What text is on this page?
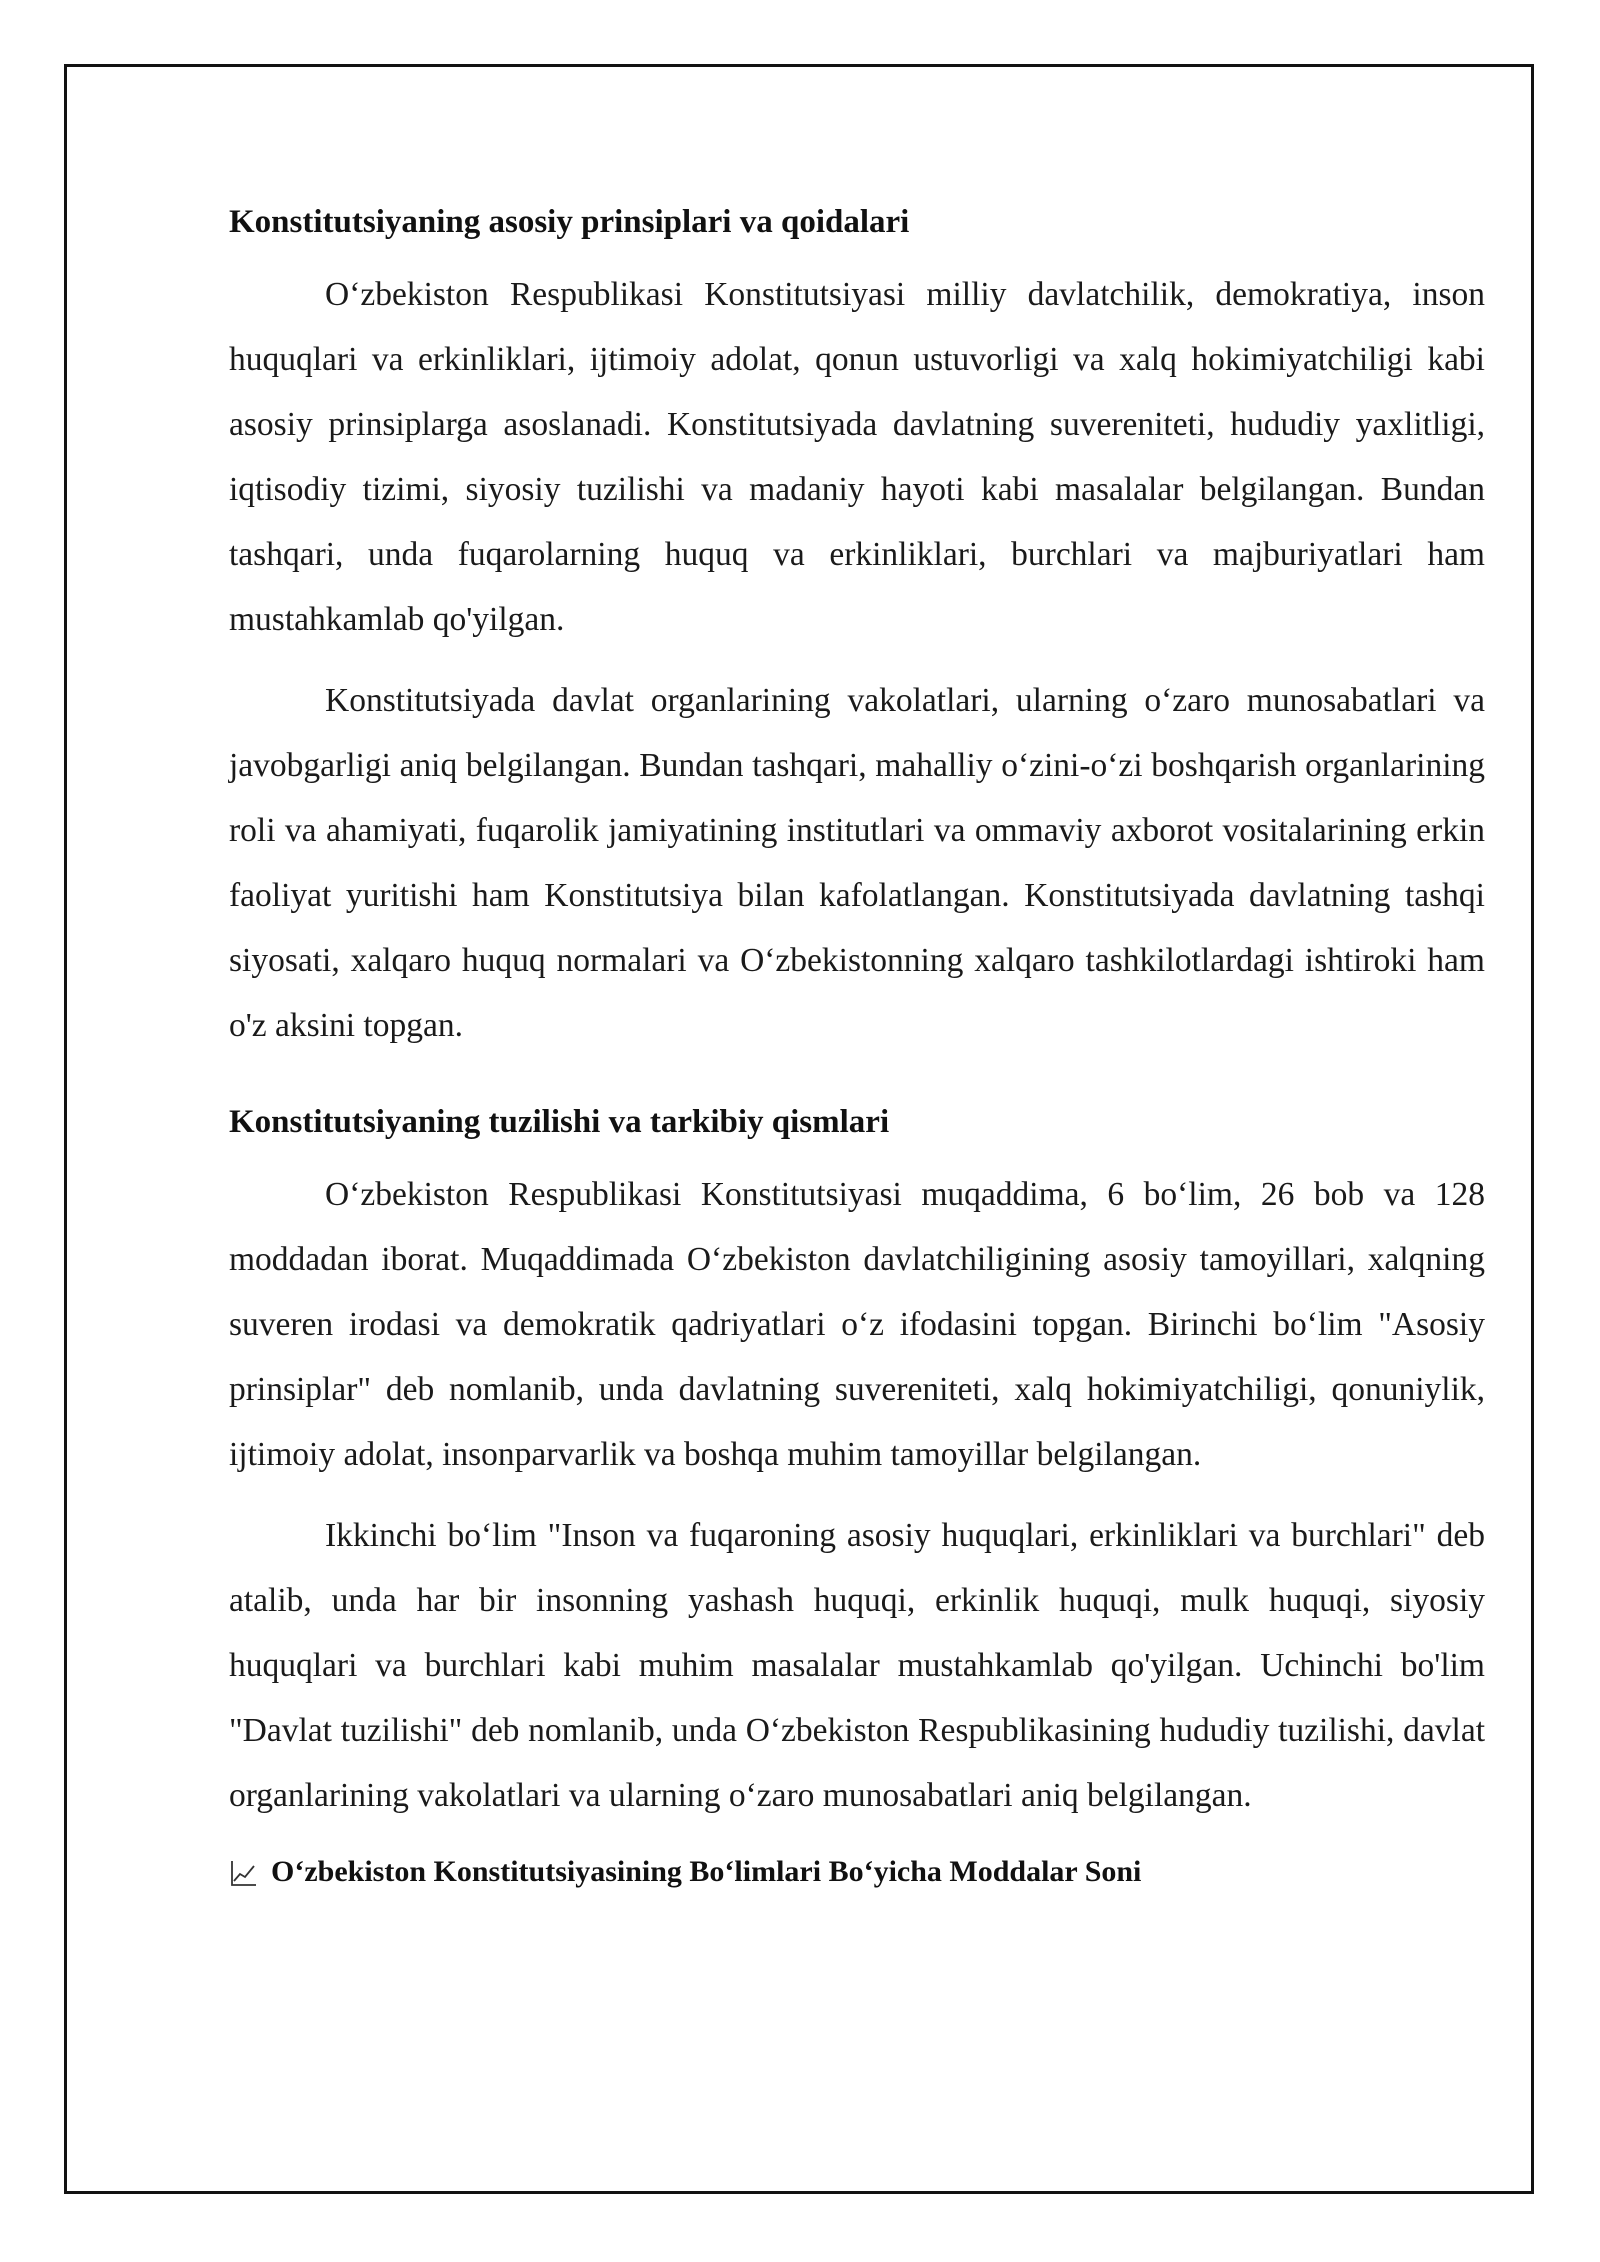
Konstitutsiyaning asosiy prinsiplari va qoidalari

O‘zbekiston Respublikasi Konstitutsiyasi milliy davlatchilik, demokratiya, inson huquqlari va erkinliklari, ijtimoiy adolat, qonun ustuvorligi va xalq hokimiyatchiligi kabi asosiy prinsiplarga asoslanadi. Konstitutsiyada davlatning suvereniteti, hududiy yaxlitligi, iqtisodiy tizimi, siyosiy tuzilishi va madaniy hayoti kabi masalalar belgilangan. Bundan tashqari, unda fuqarolarning huquq va erkinliklari, burchlari va majburiyatlari ham mustahkamlab qo'yilgan.

Konstitutsiyada davlat organlarining vakolatlari, ularning o‘zaro munosabatlari va javobgarligi aniq belgilangan. Bundan tashqari, mahalliy o‘zini-o‘zi boshqarish organlarining roli va ahamiyati, fuqarolik jamiyatining institutlari va ommaviy axborot vositalarining erkin faoliyat yuritishi ham Konstitutsiya bilan kafolatlangan. Konstitutsiyada davlatning tashqi siyosati, xalqaro huquq normalari va O‘zbekistonning xalqaro tashkilotlardagi ishtiroki ham o'z aksini topgan.

Konstitutsiyaning tuzilishi va tarkibiy qismlari

O‘zbekiston Respublikasi Konstitutsiyasi muqaddima, 6 bo‘lim, 26 bob va 128 moddadan iborat. Muqaddimada O‘zbekiston davlatchiligining asosiy tamoyillari, xalqning suveren irodasi va demokratik qadriyatlari o‘z ifodasini topgan. Birinchi bo‘lim "Asosiy prinsiplar" deb nomlanib, unda davlatning suvereniteti, xalq hokimiyatchiligi, qonuniylik, ijtimoiy adolat, insonparvarlik va boshqa muhim tamoyillar belgilangan.

Ikkinchi bo‘lim "Inson va fuqaroning asosiy huquqlari, erkinliklari va burchlari" deb atalib, unda har bir insonning yashash huquqi, erkinlik huquqi, mulk huquqi, siyosiy huquqlari va burchlari kabi muhim masalalar mustahkamlab qo'yilgan. Uchinchi bo'lim "Davlat tuzilishi" deb nomlanib, unda O‘zbekiston Respublikasining hududiy tuzilishi, davlat organlarining vakolatlari va ularning o‘zaro munosabatlari aniq belgilangan.

O‘zbekiston Konstitutsiyasining Bo‘limlari Bo‘yicha Moddalar Soni
